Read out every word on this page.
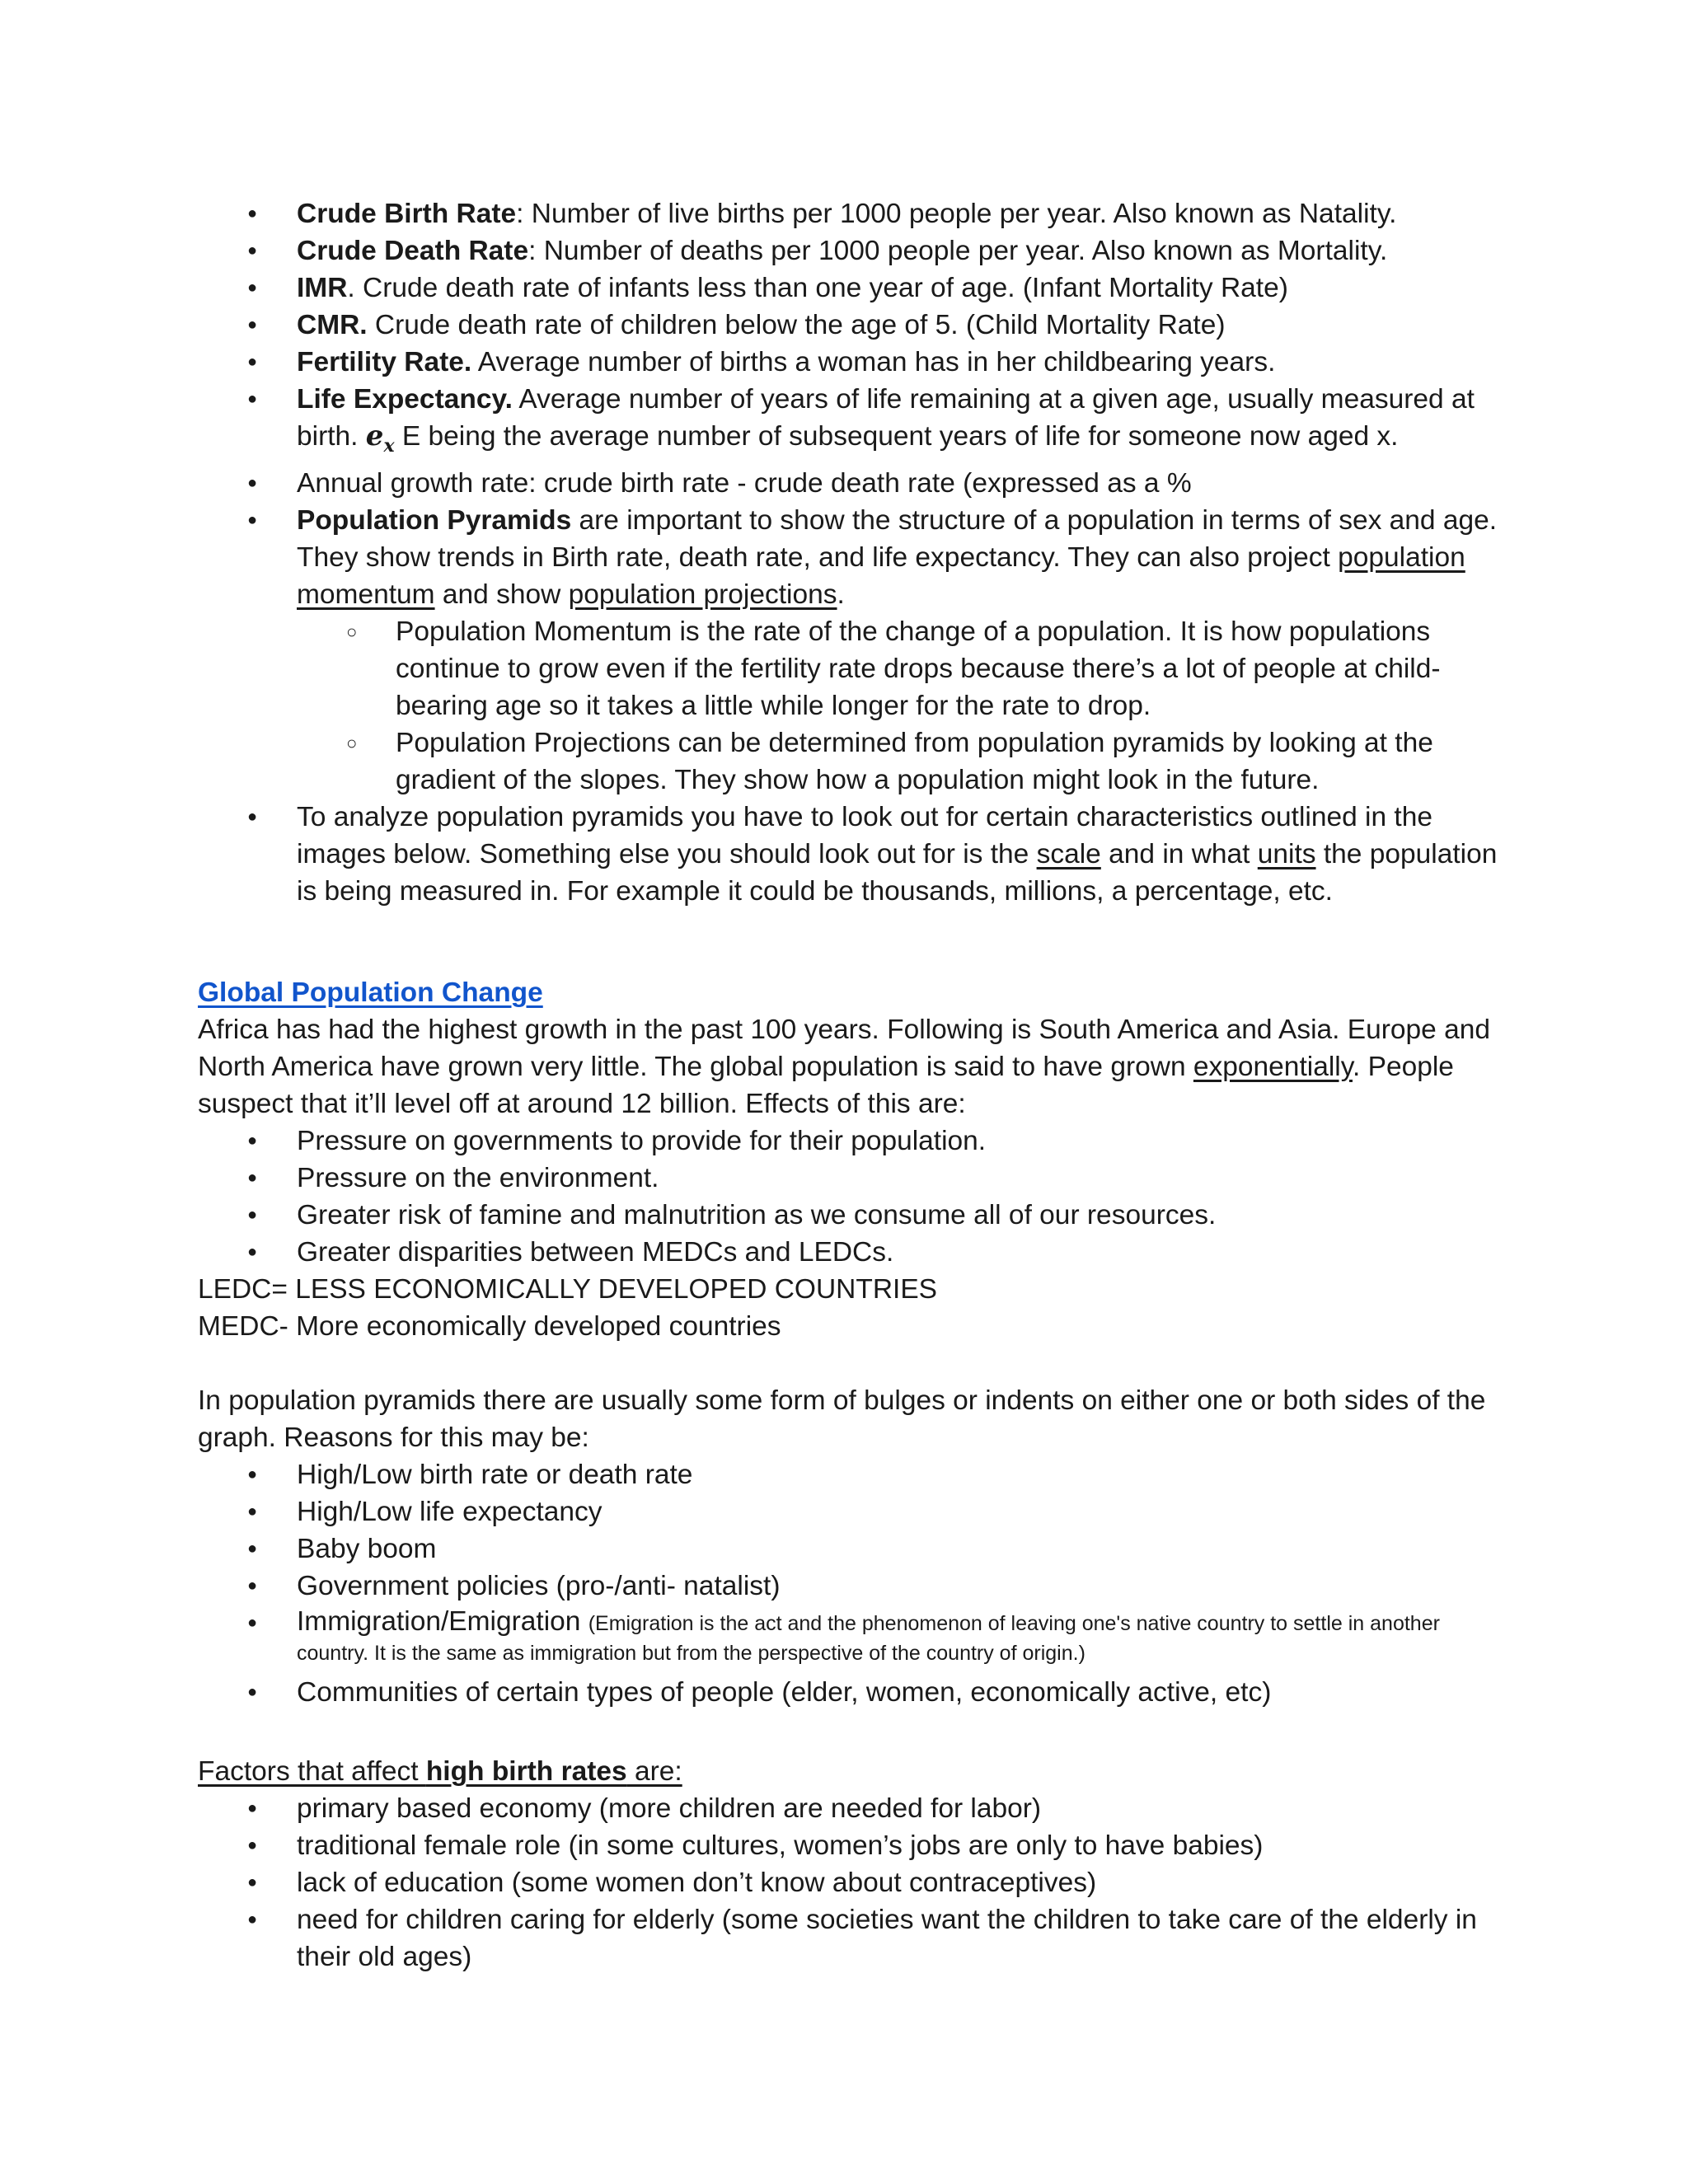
● Crude Birth Rate: Number of live births per 1000 people per year. Also known as Natality.
● Crude Death Rate: Number of deaths per 1000 people per year. Also known as Mortality.
● IMR. Crude death rate of infants less than one year of age. (Infant Mortality Rate)
● CMR. Crude death rate of children below the age of 5. (Child Mortality Rate)
● Fertility Rate. Average number of births a woman has in her childbearing years.
● Life Expectancy. Average number of years of life remaining at a given age, usually measured at birth. $e_x$ E being the average number of subsequent years of life for someone now aged x.
● Annual growth rate: crude birth rate - crude death rate (expressed as a %
● Population Pyramids are important to show the structure of a population in terms of sex and age. They show trends in Birth rate, death rate, and life expectancy. They can also project population momentum and show population projections.
○ Population Momentum is the rate of the change of a population. It is how populations continue to grow even if the fertility rate drops because there’s a lot of people at child-bearing age so it takes a little while longer for the rate to drop.
○ Population Projections can be determined from population pyramids by looking at the gradient of the slopes. They show how a population might look in the future.
● To analyze population pyramids you have to look out for certain characteristics outlined in the images below. Something else you should look out for is the scale and in what units the population is being measured in. For example it could be thousands, millions, a percentage, etc.
Global Population Change
Africa has had the highest growth in the past 100 years. Following is South America and Asia. Europe and North America have grown very little. The global population is said to have grown exponentially. People suspect that it’ll level off at around 12 billion. Effects of this are:
● Pressure on governments to provide for their population.
● Pressure on the environment.
● Greater risk of famine and malnutrition as we consume all of our resources.
● Greater disparities between MEDCs and LEDCs.
LEDC= LESS ECONOMICALLY DEVELOPED COUNTRIES
MEDC- More economically developed countries
In population pyramids there are usually some form of bulges or indents on either one or both sides of the graph. Reasons for this may be:
● High/Low birth rate or death rate
● High/Low life expectancy
● Baby boom
● Government policies (pro-/anti- natalist)
● Immigration/Emigration (Emigration is the act and the phenomenon of leaving one's native country to settle in another country. It is the same as immigration but from the perspective of the country of origin.)
● Communities of certain types of people (elder, women, economically active, etc)
Factors that affect high birth rates are:
● primary based economy (more children are needed for labor)
● traditional female role (in some cultures, women’s jobs are only to have babies)
● lack of education (some women don’t know about contraceptives)
● need for children caring for elderly (some societies want the children to take care of the elderly in their old ages)
